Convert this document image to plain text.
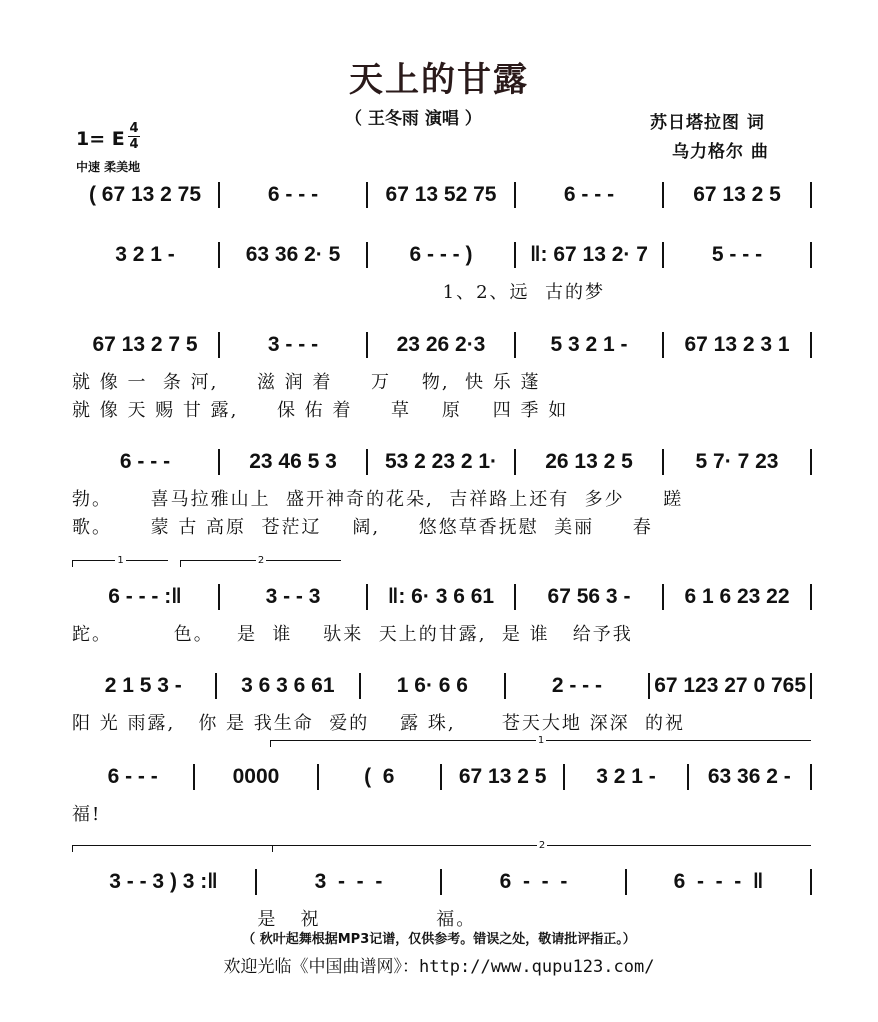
天上的甘露
（ 王冬雨 演唱 ）	苏日塔拉图 词
乌力格尔 曲
1= E 4
4
中速 柔美地
( 67 13 2 75	6 - - -	67 13 52 75	6 - - -	67 13 2 5
3 2 1 -	63 36 2· 5	6 - - - )	‖: 67 13 2· 7	5 - - -
1、2、远  古的梦
67 13 2 7 5	3 - - -	23 26 2·3	5 3 2 1 -	67 13 2 3 1
就 像 一  条 河,     滋 润 着     万    物,  快 乐 蓬
就 像 天 赐 甘 露,     保 佑 着     草    原    四 季 如
6 - - -	23 46 5 3	53 2 23 2 1·	26 13 2 5	5 7· 7 23
勃。     喜马拉雅山上  盛开神奇的花朵,  吉祥路上还有  多少     蹉
歌。     蒙 古 高原  苍茫辽    阔,     悠悠草香抚慰  美丽     春
6 - - - :‖	3 - - 3	‖: 6· 3 6 61	67 56 3 -	6 1 6 23 22
跎。        色。   是  谁    驮来  天上的甘露,  是 谁   给予我
1	2
2 1 5 3 -	3 6 3 6 61	1 6· 6 6	2 - - -	67 123 27 0 765
阳 光 雨露,   你 是 我生命  爱的    露 珠,      苍天大地 深深  的祝
6 - - -	0000	(  6	67 13 2 5	3 2 1 -	63 36 2 -
福!
1
3 - - 3 ) 3 :‖	3  -  -  -	6  -  -  -	6  -  -  -  ‖
是   祝               福。
2
（ 秋叶起舞根据MP3记谱，仅供参考。错误之处，敬请批评指正。）
欢迎光临《中国曲谱网》：http://www.qupu123.com/
